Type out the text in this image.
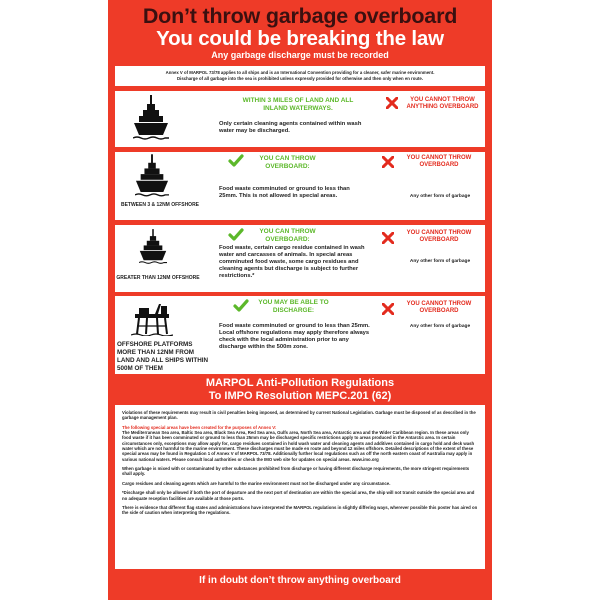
Don’t throw garbage overboard
You could be breaking the law
Any garbage discharge must be recorded
Annex V of MARPOL 73/78 applies to all ships and is an International Convention providing for a cleaner, safer marine environment.
Discharge of all garbage into the sea is prohibited unless expressly provided for otherwise and then only when en route.
WITHIN 3 MILES OF LAND AND ALL INLAND WATERWAYS.
Only certain cleaning agents contained within wash water may be discharged.
YOU CANNOT THROW ANYTHING OVERBOARD
BETWEEN 3 & 12NM OFFSHORE
YOU CAN THROW OVERBOARD:
Food waste comminuted or ground to less than 25mm. This is not allowed in special areas.
YOU CANNOT THROW OVERBOARD
Any other form of garbage
GREATER THAN 12NM OFFSHORE
YOU CAN THROW OVERBOARD:
Food waste, certain cargo residue contained in wash water and carcasses of animals. In special areas comminuted food waste, some cargo residues and cleaning agents but discharge is subject to further restrictions.*
YOU CANNOT THROW OVERBOARD
Any other form of garbage
OFFSHORE PLATFORMS MORE THAN 12NM FROM LAND AND ALL SHIPS WITHIN 500M OF THEM
YOU MAY BE ABLE TO DISCHARGE:
Food waste comminuted or ground to less than 25mm. Local offshore regulations may apply therefore always check with the local administration prior to any discharge within the 500m zone.
YOU CANNOT THROW OVERBOARD
Any other form of garbage
MARPOL Anti-Pollution Regulations
To IMPO Resolution MEPC.201 (62)

Violations of these requirements may result in civil penalties being imposed, as determined by current National Legislation. Garbage must be disposed of as described in the garbage management plan.

The following special areas have been created for the purposes of Annex V:
The Mediterranean Sea area, Baltic Sea area, Black Sea Area, Red Sea area, Gulfs area, North Sea area, Antarctic area and the Wider Caribbean region. In these areas only food waste if it has been comminuted or ground to less than 25mm may be discharged specific restrictions apply to areas produced in the Antarctic area. In certain circumstances only, exceptions may allow apply for, cargo residues contained in hold wash water and cleaning agents and additives contained in cargo hold and deck wash water which are not harmful to the marine environment. These discharges must be made en route and beyond 12 miles offshore. Detailed descriptions of the extent of these special areas may be found in Regulation 1 of Annex V of MARPOL 73/78. Additionally further local regulations such as off the north eastern coast of Australia may apply in various national waters. Please consult local authorities or check the IMO web site for updates on special areas. www.imo.org

When garbage is mixed with or contaminated by other substances prohibited from discharge or having different discharge requirements, the more stringent requirements shall apply.

Cargo residues and cleaning agents which are harmful to the marine environment must not be discharged under any circumstance.

*Discharge shall only be allowed if both the port of departure and the next port of destination are within the special area, the ship will not transit outside the special area and no adequate reception facilities are available at those ports.

There is evidence that different flag states and administrations have interpreted the MARPOL regulations in slightly differing ways, wherever possible this poster has aired on the side of caution when interpreting the regulations.

If in doubt don’t throw anything overboard
